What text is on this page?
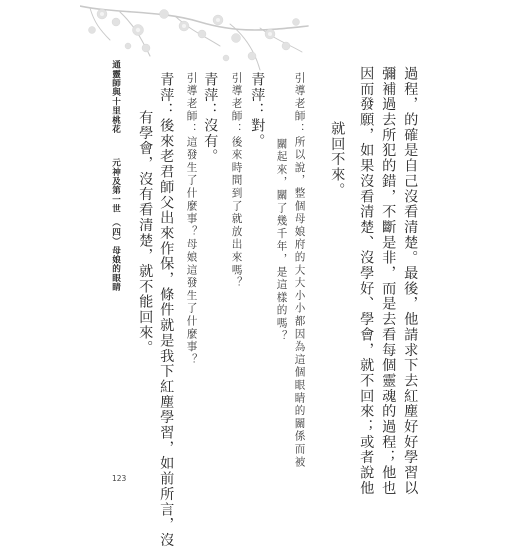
過程，的確是自己沒看清楚。最後，他請求下去紅塵好好學習以
彌補過去所犯的錯，不斷是非，而是去看每個靈魂的過程；他也
因而發願，如果沒看清楚、沒學好、學會，就不回來；或者說他
就回不來。
引導老師：所以說，整個母娘府的大大小小都因為這個眼睛的關係而被
關起來，關了幾千年，是這樣的嗎？
青萍：對。
引導老師：後來時間到了就放出來嗎？
青萍：沒有。
引導老師：這發生了什麼事？母娘這發生了什麼事？
青萍：後來老君師父出來作保，條件就是我下紅塵學習，如前所言，沒
有學會，沒有看清楚，就不能回來。
通靈師與十里桃花
元神及第一世　（四）母娘的眼睛
123
